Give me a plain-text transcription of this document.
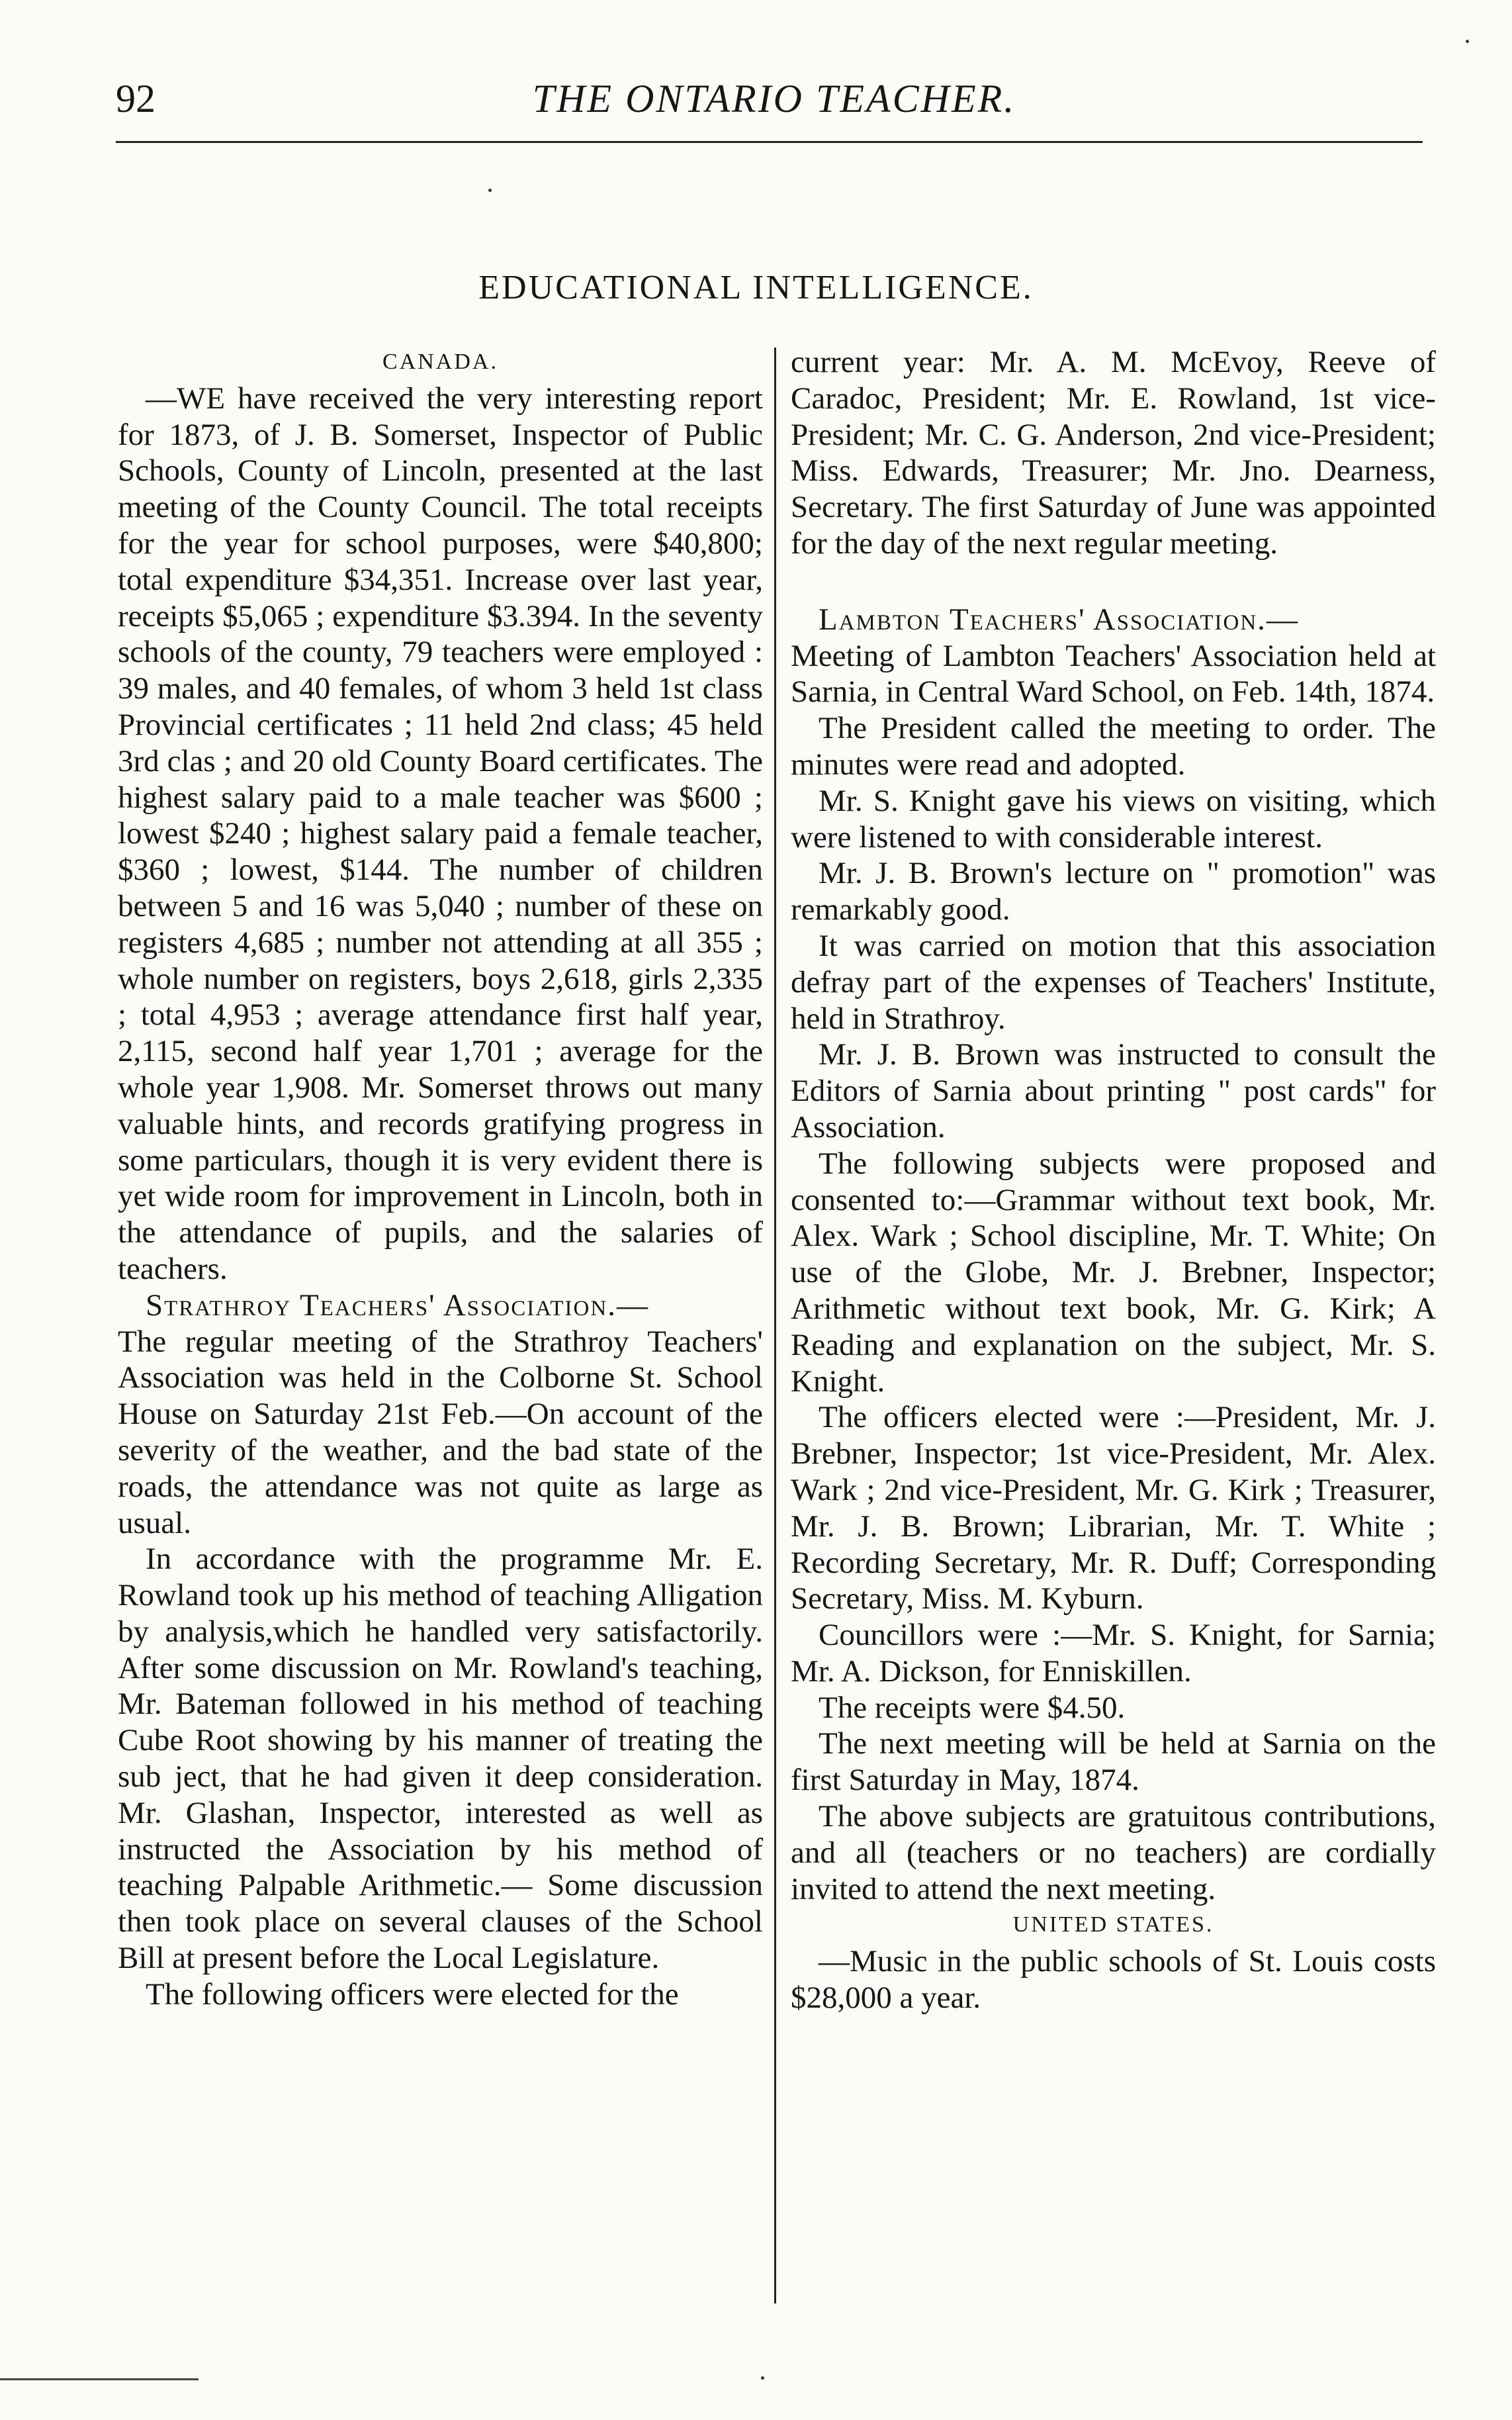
92	THE ONTARIO TEACHER.
EDUCATIONAL INTELLIGENCE.
CANADA.

—WE have received the very interesting report for 1873, of J. B. Somerset, Inspector of Public Schools, County of Lincoln, presented at the last meeting of the County Council. The total receipts for the year for school purposes, were $40,800; total expenditure $34,351. Increase over last year, receipts $5,065 ; expenditure $3.394. In the seventy schools of the county, 79 teachers were employed : 39 males, and 40 females, of whom 3 held 1st class Provincial certificates ; 11 held 2nd class; 45 held 3rd clas ; and 20 old County Board certificates. The highest salary paid to a male teacher was $600 ; lowest $240 ; highest salary paid a female teacher, $360 ; lowest, $144. The number of children between 5 and 16 was 5,040 ; number of these on registers 4,685 ; number not attending at all 355 ; whole number on registers, boys 2,618, girls 2,335 ; total 4,953 ; average attendance first half year, 2,115, second half year 1,701 ; average for the whole year 1,908. Mr. Somerset throws out many valuable hints, and records gratifying progress in some particulars, though it is very evident there is yet wide room for improvement in Lincoln, both in the attendance of pupils, and the salaries of teachers.

Strathroy Teachers' Association.—

The regular meeting of the Strathroy Teachers' Association was held in the Colborne St. School House on Saturday 21st Feb.—On account of the severity of the weather, and the bad state of the roads, the attendance was not quite as large as usual.

In accordance with the programme Mr. E. Rowland took up his method of teaching Alligation by analysis,which he handled very satisfactorily. After some discussion on Mr. Rowland's teaching, Mr. Bateman followed in his method of teaching Cube Root showing by his manner of treating the sub ject, that he had given it deep consideration. Mr. Glashan, Inspector, interested as well as instructed the Association by his method of teaching Palpable Arithmetic.— Some discussion then took place on several clauses of the School Bill at present before the Local Legislature.

The following officers were elected for the

current year: Mr. A. M. McEvoy, Reeve of Caradoc, President; Mr. E. Rowland, 1st vice-President; Mr. C. G. Anderson, 2nd vice-President; Miss. Edwards, Treasurer; Mr. Jno. Dearness, Secretary. The first Saturday of June was appointed for the day of the next regular meeting.

Lambton Teachers' Association.—

Meeting of Lambton Teachers' Association held at Sarnia, in Central Ward School, on Feb. 14th, 1874.

The President called the meeting to order. The minutes were read and adopted.

Mr. S. Knight gave his views on visiting, which were listened to with considerable interest.

Mr. J. B. Brown's lecture on " promotion" was remarkably good.

It was carried on motion that this association defray part of the expenses of Teachers' Institute, held in Strathroy.

Mr. J. B. Brown was instructed to consult the Editors of Sarnia about printing " post cards" for Association.

The following subjects were proposed and consented to:—Grammar without text book, Mr. Alex. Wark ; School discipline, Mr. T. White; On use of the Globe, Mr. J. Brebner, Inspector; Arithmetic without text book, Mr. G. Kirk; A Reading and explanation on the subject, Mr. S. Knight.

The officers elected were :—President, Mr. J. Brebner, Inspector; 1st vice-President, Mr. Alex. Wark ; 2nd vice-President, Mr. G. Kirk ; Treasurer, Mr. J. B. Brown; Librarian, Mr. T. White ; Recording Secretary, Mr. R. Duff; Corresponding Secretary, Miss. M. Kyburn.

Councillors were :—Mr. S. Knight, for Sarnia; Mr. A. Dickson, for Enniskillen.

The receipts were $4.50.

The next meeting will be held at Sarnia on the first Saturday in May, 1874.

The above subjects are gratuitous contributions, and all (teachers or no teachers) are cordially invited to attend the next meeting.

UNITED STATES.

—Music in the public schools of St. Louis costs $28,000 a year.
